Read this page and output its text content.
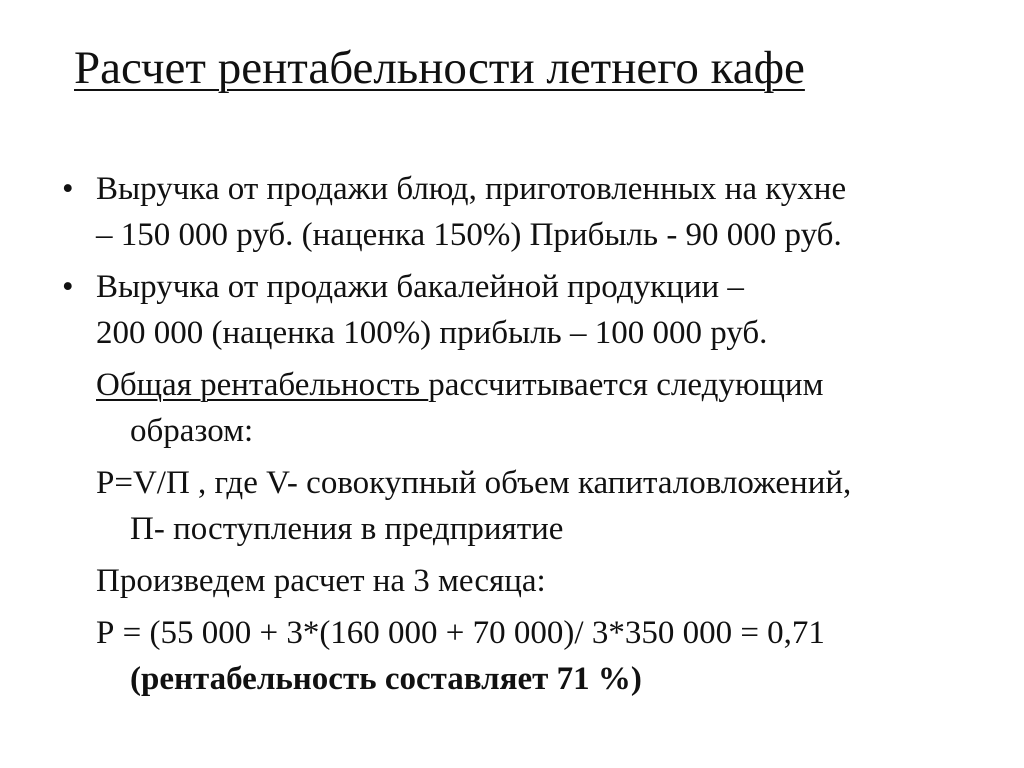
Расчет рентабельности летнего кафе
• Выручка от продажи блюд, приготовленных на кухне
– 150 000 руб. (наценка 150%) Прибыль - 90 000 руб.
• Выручка от продажи бакалейной продукции –
200 000 (наценка 100%) прибыль – 100 000 руб.
Общая рентабельность рассчитывается следующим
образом:
Р=V/П , где V- совокупный объем капиталовложений,
П- поступления в предприятие
Произведем расчет на 3 месяца:
Р = (55 000 + 3*(160 000 + 70 000)/ 3*350 000 = 0,71
(рентабельность составляет 71 %)
